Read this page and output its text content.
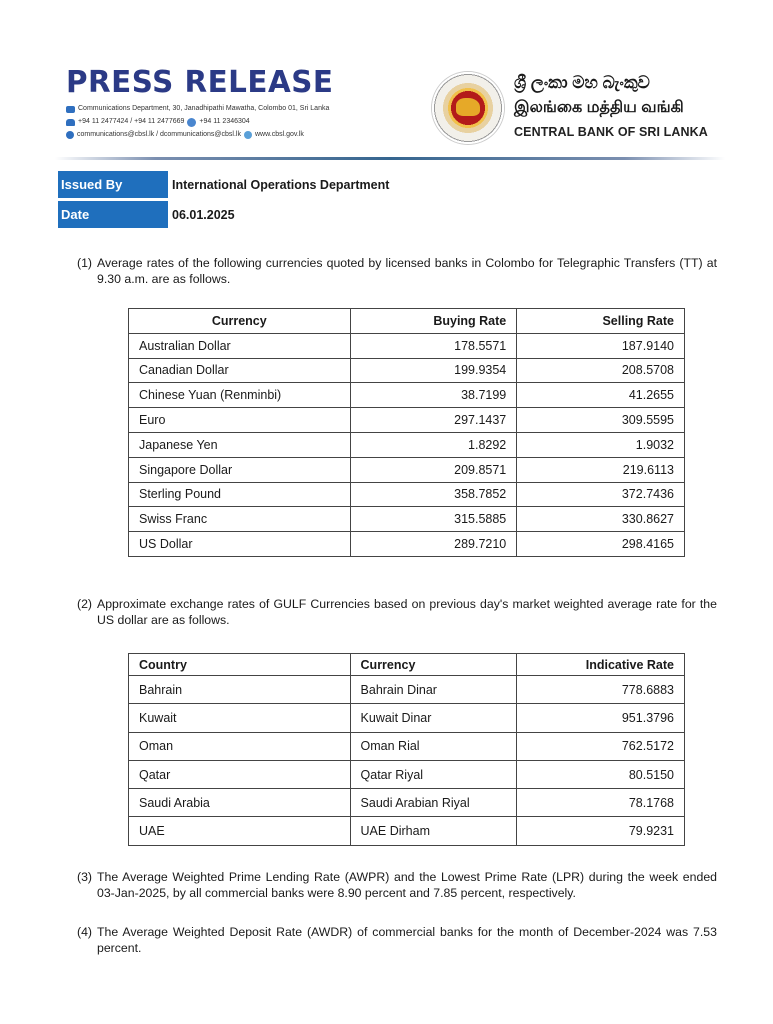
PRESS RELEASE
Communications Department, 30, Janadhipathi Mawatha, Colombo 01, Sri Lanka
+94 11 2477424 / +94 11 2477669 +94 11 2346304
communications@cbsl.lk / dcommunications@cbsl.lk www.cbsl.gov.lk
ශ්‍රී ලංකා මහ බැංකුව
இலங்கை மத்திய வங்கி
CENTRAL BANK OF SRI LANKA
Issued By	International Operations Department
Date	06.01.2025
(1) Average rates of the following currencies quoted by licensed banks in Colombo for Telegraphic Transfers (TT) at 9.30 a.m. are as follows.
Currency	Buying Rate	Selling Rate
Australian Dollar	178.5571	187.9140
Canadian Dollar	199.9354	208.5708
Chinese Yuan (Renminbi)	38.7199	41.2655
Euro	297.1437	309.5595
Japanese Yen	1.8292	1.9032
Singapore Dollar	209.8571	219.6113
Sterling Pound	358.7852	372.7436
Swiss Franc	315.5885	330.8627
US Dollar	289.7210	298.4165
(2) Approximate exchange rates of GULF Currencies based on previous day's market weighted average rate for the US dollar are as follows.
Country	Currency	Indicative Rate
Bahrain	Bahrain Dinar	778.6883
Kuwait	Kuwait Dinar	951.3796
Oman	Oman Rial	762.5172
Qatar	Qatar Riyal	80.5150
Saudi Arabia	Saudi Arabian Riyal	78.1768
UAE	UAE Dirham	79.9231
(3) The Average Weighted Prime Lending Rate (AWPR) and the Lowest Prime Rate (LPR) during the week ended 03-Jan-2025, by all commercial banks were 8.90 percent and 7.85 percent, respectively.
(4) The Average Weighted Deposit Rate (AWDR) of commercial banks for the month of December-2024 was 7.53 percent.
